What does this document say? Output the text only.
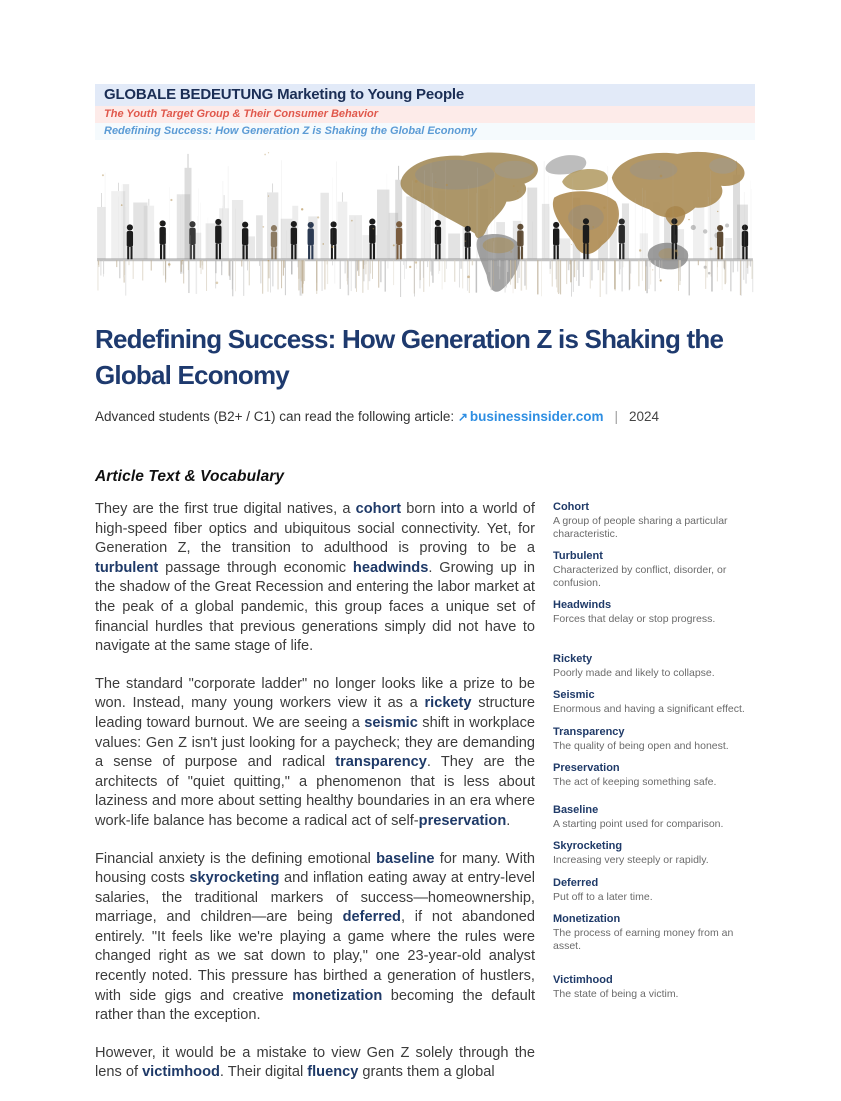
GLOBALE BEDEUTUNG Marketing to Young People
The Youth Target Group & Their Consumer Behavior
Redefining Success: How Generation Z is Shaking the Global Economy
Redefining Success: How Generation Z is Shaking the
Global Economy

Advanced students (B2+ / C1) can read the following article: ↗ businessinsider.com | 2024

Article Text & Vocabulary

They are the first true digital natives, a cohort born into a world of high-speed fiber optics and ubiquitous social connectivity. Yet, for Generation Z, the transition to adulthood is proving to be a turbulent passage through economic headwinds. Growing up in the shadow of the Great Recession and entering the labor market at the peak of a global pandemic, this group faces a unique set of financial hurdles that previous generations simply did not have to navigate at the same stage of life.

The standard "corporate ladder" no longer looks like a prize to be won. Instead, many young workers view it as a rickety structure leading toward burnout. We are seeing a seismic shift in workplace values: Gen Z isn't just looking for a paycheck; they are demanding a sense of purpose and radical transparency. They are the architects of "quiet quitting," a phenomenon that is less about laziness and more about setting healthy boundaries in an era where work-life balance has become a radical act of self-preservation.

Financial anxiety is the defining emotional baseline for many. With housing costs skyrocketing and inflation eating away at entry-level salaries, the traditional markers of success—homeownership, marriage, and children—are being deferred, if not abandoned entirely. "It feels like we're playing a game where the rules were changed right as we sat down to play," one 23-year-old analyst recently noted. This pressure has birthed a generation of hustlers, with side gigs and creative monetization becoming the default rather than the exception.

However, it would be a mistake to view Gen Z solely through the lens of victimhood. Their digital fluency grants them a global

Cohort
A group of people sharing a particular characteristic.
Turbulent
Characterized by conflict, disorder, or confusion.
Headwinds
Forces that delay or stop progress.
Rickety
Poorly made and likely to collapse.
Seismic
Enormous and having a significant effect.
Transparency
The quality of being open and honest.
Preservation
The act of keeping something safe.
Baseline
A starting point used for comparison.
Skyrocketing
Increasing very steeply or rapidly.
Deferred
Put off to a later time.
Monetization
The process of earning money from an asset.
Victimhood
The state of being a victim.
